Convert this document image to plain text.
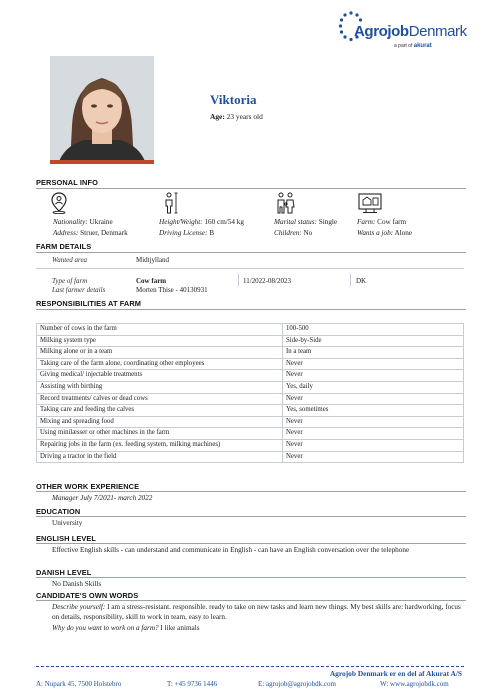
AgrojobDenmark
a part of akurat
Viktoria
Age: 23 years old
PERSONAL INFO
Nationality: Ukraine
Address: Struer, Denmark
Height/Weight: 160 cm/54 kg
Driving License: B
Marital status: Single
Children: No
Farm: Cow farm
Wants a job: Alone
FARM DETAILS
Wanted area	Midtjylland
Type of farm	Cow farm	11/2022-08/2023	DK
Last farmer details	Morten Thise - 40130931
RESPONSIBILITIES AT FARM
Number of cows in the farm	100-500
Milking system type	Side-by-Side
Milking alone or in a team	In a team
Taking care of the farm alone, coordinating other employees	Never
Giving medical/ injectable treatments	Never
Assisting with birthing	Yes, daily
Record treatments/ calves or dead cows	Never
Taking care and feeding the calves	Yes, sometimes
Mixing and spreading food	Never
Using minilæsser or other machines in the farm	Never
Repairing jobs in the farm (ex. feeding system, milking machines)	Never
Driving a tractor in the field	Never
OTHER WORK EXPERIENCE
Manager July 7/2021- march 2022
EDUCATION
University
ENGLISH LEVEL
Effective English skills - can understand and communicate in English - can have an English conversation over the telephone
DANISH LEVEL
No Danish Skills
CANDIDATE'S OWN WORDS
Describe yourself: I am a stress-resistant. responsible. ready to take on new tasks and learn new things. My best skills are: hardworking, focus on details, responsibility, skill to work in team, easy to learn.
Why do you want to work on a farm? I like animals
Agrojob Denmark er en del af Akurat A/S
A: Nupark 45, 7500 Holstebro	T: +45 9736 1446	E: agrojob@agrojobdk.com	W: www.agrojobdk.com
